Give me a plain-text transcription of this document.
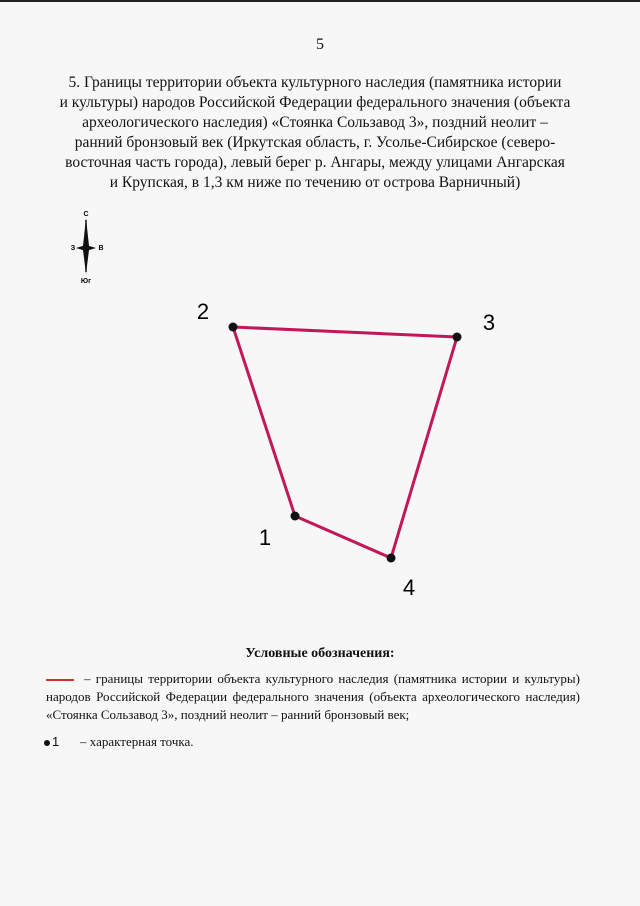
5
5. Границы территории объекта культурного наследия (памятника истории
и культуры) народов Российской Федерации федерального значения (объекта
археологического наследия) «Стоянка Сользавод 3», поздний неолит –
ранний бронзовый век (Иркутская область, г. Усолье-Сибирское (северо-
восточная часть города), левый берег р. Ангары, между улицами Ангарская
и Крупская, в 1,3 км ниже по течению от острова Варничный)
С
З	В
Юг
1
2	3
4
Условные обозначения:
– границы территории объекта культурного наследия (памятника истории и культуры) народов Российской Федерации федерального значения (объекта археологического наследия) «Стоянка Сользавод 3», поздний неолит – ранний бронзовый век;
1 – характерная точка.
